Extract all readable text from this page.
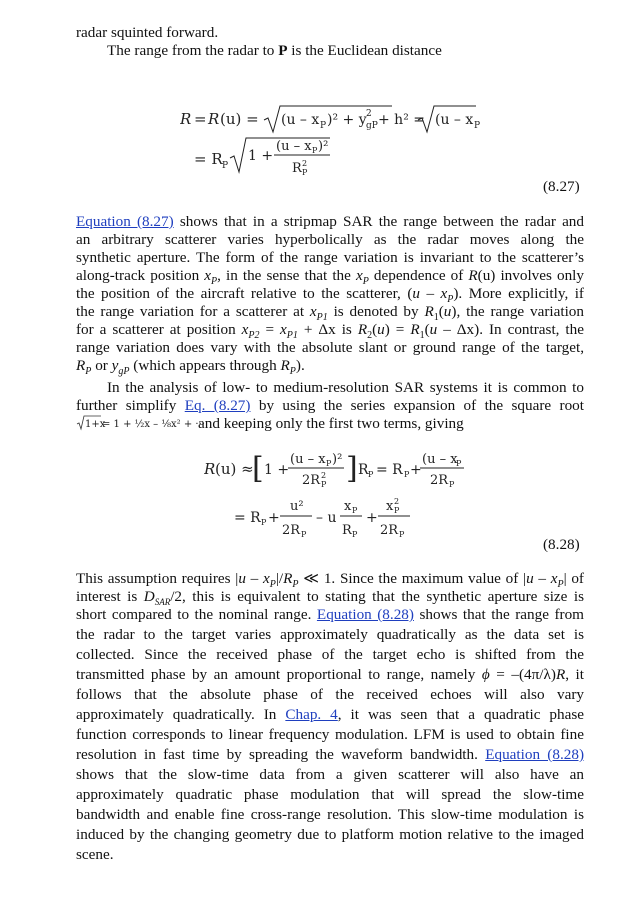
radar squinted forward.
The range from the radar to P is the Euclidean distance
R = R (u) = (u – x P )² + y gP
2 + h² = (u – x P
= R P
1 +
(u – x P )²
R P
2
(8.27)
Equation (8.27) shows that in a stripmap SAR the range between the radar and
an arbitrary scatterer varies hyperbolically as the radar moves along the
synthetic aperture. The form of the range variation is invariant to the scatterer’s
along-track position $x_P$, in the sense that the $x_P$ dependence of R(u) involves only
the position of the aircraft relative to the scatterer, $(u - x_P)$. More explicitly, if
the range variation for a scatterer at $x_{P1}$ is denoted by $R_1(u)$, the range variation
for a scatterer at position $x_{P2} = x_{P1} + \Delta x$ is $R_2(u) = R_1(u - \Delta x)$. In contrast, the
range variation does vary with the absolute slant or ground range of the target,
$R_P$ or $y_{gP}$ (which appears through $R_P$).
In the analysis of low- to medium-resolution SAR systems it is common to
further simplify Eq. (8.27) by using the series expansion of the square root
1+x
= 1 + ½x – ⅛x² + ···
and keeping only the first two terms, giving
R (u) ≈
[ 1 +
(u – x P )²
2R P
2 ] R P = R P +
(u – x
P
2R P
= R P +
u²
2R P
– u
x P
R P
+
x P
2
2R P
(8.28)
This assumption requires $|u - x_P|/R_P$ ≪ 1. Since the maximum value of $|u - x_P|$ of
interest is $D_{SAR}/2$, this is equivalent to stating that the synthetic aperture size is
short compared to the nominal range. Equation (8.28) shows that the range from
the radar to the target varies approximately quadratically as the data set is
collected. Since the received phase of the target echo is shifted from the
transmitted phase by an amount proportional to range, namely ϕ = –(4π/λ)R, it
follows that the absolute phase of the received echoes will also vary
approximately quadratically. In Chap. 4, it was seen that a quadratic phase
function corresponds to linear frequency modulation. LFM is used to obtain fine
resolution in fast time by spreading the waveform bandwidth. Equation (8.28)
shows that the slow-time data from a given scatterer will also have an
approximately quadratic phase modulation that will spread the slow-time
bandwidth and enable fine cross-range resolution. This slow-time modulation is
induced by the changing geometry due to platform motion relative to the imaged
scene.
